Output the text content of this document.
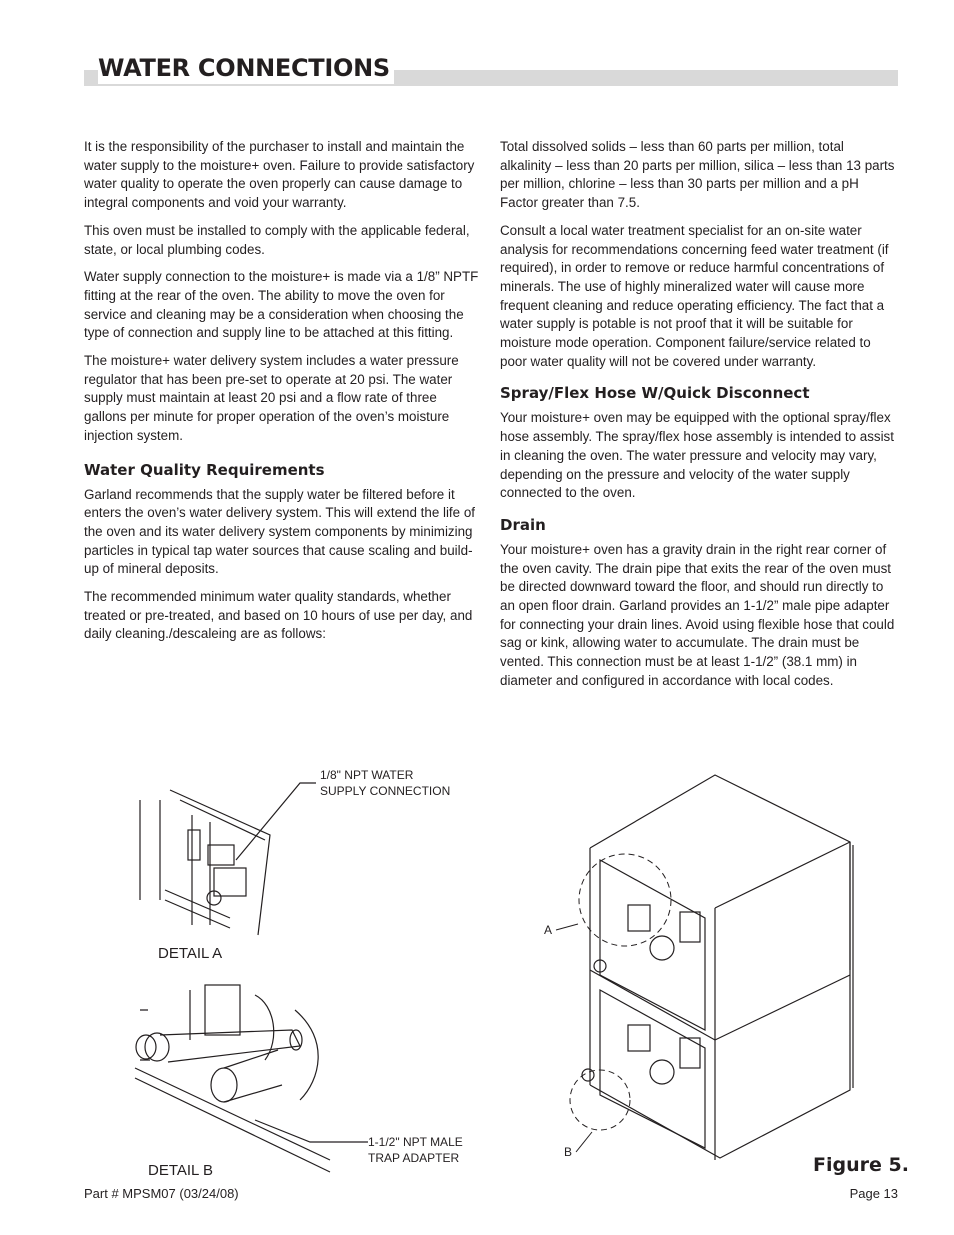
WATER CONNECTIONS

It is the responsibility of the purchaser to install and maintain the water supply to the moisture+ oven. Failure to provide satisfactory water quality to operate the oven properly can cause damage to integral components and void your warranty.

This oven must be installed to comply with the applicable federal, state, or local plumbing codes.

Water supply connection to the moisture+ is made via a 1/8” NPTF fitting at the rear of the oven. The ability to move the oven for service and cleaning may be a consideration when choosing the type of connection and supply line to be attached at this fitting.

The moisture+ water delivery system includes a water pressure regulator that has been pre-set to operate at 20 psi. The water supply must maintain at least 20 psi and a flow rate of three gallons per minute for proper operation of the oven’s moisture injection system.

Water Quality Requirements

Garland recommends that the supply water be filtered before it enters the oven’s water delivery system. This will extend the life of the oven and its water delivery system components by minimizing particles in typical tap water sources that cause scaling and build-up of mineral deposits.

The recommended minimum water quality standards, whether treated or pre-treated, and based on 10 hours of use per day, and daily cleaning./descaleing are as follows:

Total dissolved solids – less than 60 parts per million, total alkalinity – less than 20 parts per million, silica – less than 13 parts per million, chlorine – less than 30 parts per million and a pH Factor greater than 7.5.

Consult a local water treatment specialist for an on-site water analysis for recommendations concerning feed water treatment (if required), in order to remove or reduce harmful concentrations of minerals. The use of highly mineralized water will cause more frequent cleaning and reduce operating efficiency. The fact that a water supply is potable is not proof that it will be suitable for moisture mode operation. Component failure/service related to poor water quality will not be covered under warranty.

Spray/Flex Hose W/Quick Disconnect

Your moisture+ oven may be equipped with the optional spray/flex hose assembly. The spray/flex hose assembly is intended to assist in cleaning the oven. The water pressure and velocity may vary, depending on the pressure and velocity of the water supply connected to the oven.

Drain

Your moisture+ oven has a gravity drain in the right rear corner of the oven cavity. The drain pipe that exits the rear of the oven must be directed downward toward the floor, and should run directly to an open floor drain. Garland provides an 1-1/2” male pipe adapter for connecting your drain lines. Avoid using flexible hose that could sag or kink, allowing water to accumulate. The drain must be vented. This connection must be at least 1-1/2” (38.1 mm) in diameter and configured in accordance with local codes.

1/8" NPT WATER
SUPPLY CONNECTION
DETAIL A
1-1/2" NPT MALE
TRAP ADAPTER
DETAIL B
A
B
Figure 5.
Part # MPSM07 (03/24/08)	Page 13
